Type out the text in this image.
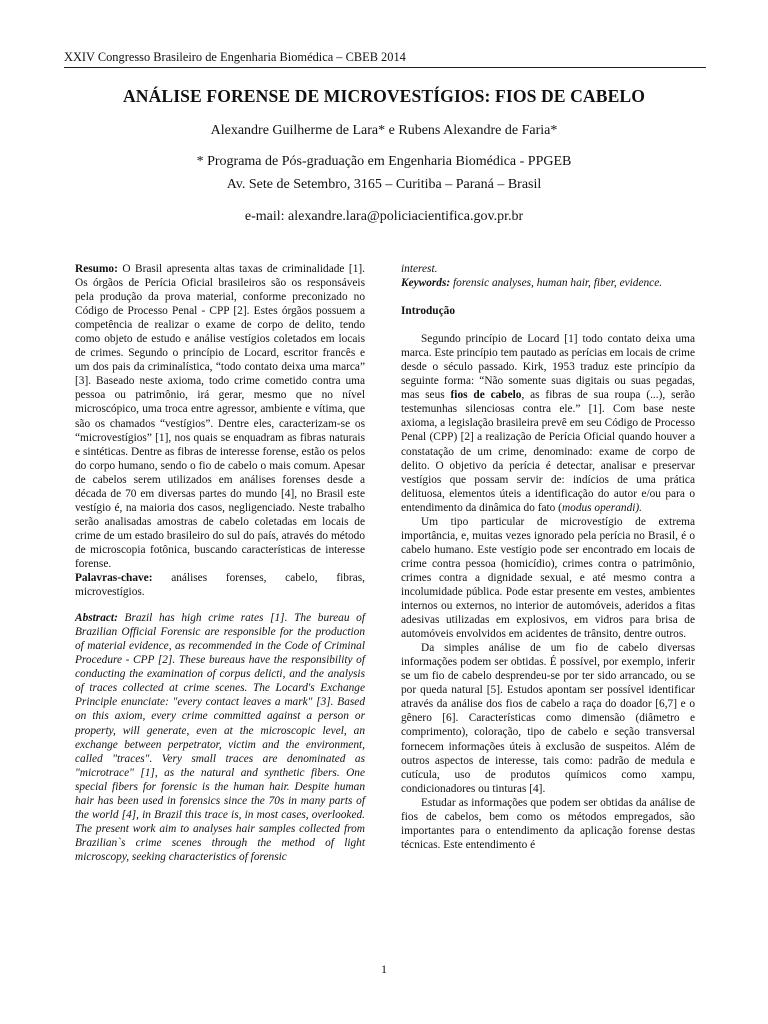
XXIV Congresso Brasileiro de Engenharia Biomédica – CBEB 2014
ANÁLISE FORENSE DE MICROVESTÍGIOS: FIOS DE CABELO
Alexandre Guilherme de Lara* e Rubens Alexandre de Faria*
* Programa de Pós-graduação em Engenharia Biomédica - PPGEB
Av. Sete de Setembro, 3165 – Curitiba – Paraná – Brasil
e-mail: alexandre.lara@policiacientifica.gov.pr.br

Resumo: O Brasil apresenta altas taxas de criminalidade [1]. Os órgãos de Perícia Oficial brasileiros são os responsáveis pela produção da prova material, conforme preconizado no Código de Processo Penal - CPP [2]. Estes órgãos possuem a competência de realizar o exame de corpo de delito, tendo como objeto de estudo e análise vestígios coletados em locais de crimes. Segundo o princípio de Locard, escritor francês e um dos pais da criminalística, “todo contato deixa uma marca” [3]. Baseado neste axioma, todo crime cometido contra uma pessoa ou patrimônio, irá gerar, mesmo que no nível microscópico, uma troca entre agressor, ambiente e vítima, que são os chamados “vestígios”. Dentre eles, caracterizam-se os “microvestígios” [1], nos quais se enquadram as fibras naturais e sintéticas. Dentre as fibras de interesse forense, estão os pelos do corpo humano, sendo o fio de cabelo o mais comum. Apesar de cabelos serem utilizados em análises forenses desde a década de 70 em diversas partes do mundo [4], no Brasil este vestígio é, na maioria dos casos, negligenciado. Neste trabalho serão analisadas amostras de cabelo coletadas em locais de crime de um estado brasileiro do sul do país, através do método de microscopia fotônica, buscando características de interesse forense.

Palavras-chave: análises forenses, cabelo, fibras, microvestígios.

Abstract: Brazil has high crime rates [1]. The bureau of Brazilian Official Forensic are responsible for the production of material evidence, as recommended in the Code of Criminal Procedure - CPP [2]. These bureaus have the responsibility of conducting the examination of corpus delicti, and the analysis of traces collected at crime scenes. The Locard's Exchange Principle enunciate: "every contact leaves a mark" [3]. Based on this axiom, every crime committed against a person or property, will generate, even at the microscopic level, an exchange between perpetrator, victim and the environment, called "traces". Very small traces are denominated as "microtrace" [1], as the natural and synthetic fibers. One special fibers for forensic is the human hair. Despite human hair has been used in forensics since the 70s in many parts of the world [4], in Brazil this trace is, in most cases, overlooked. The present work aim to analyses hair samples collected from Brazilian`s crime scenes through the method of light microscopy, seeking characteristics of forensic

interest.

Keywords: forensic analyses, human hair, fiber, evidence.

Introdução

Segundo princípio de Locard [1] todo contato deixa uma marca. Este princípio tem pautado as perícias em locais de crime desde o século passado. Kirk, 1953 traduz este princípio da seguinte forma: “Não somente suas digitais ou suas pegadas, mas seus fios de cabelo, as fibras de sua roupa (...), serão testemunhas silenciosas contra ele.” [1]. Com base neste axioma, a legislação brasileira prevê em seu Código de Processo Penal (CPP) [2] a realização de Perícia Oficial quando houver a constatação de um crime, denominado: exame de corpo de delito. O objetivo da perícia é detectar, analisar e preservar vestígios que possam servir de: indícios de uma prática delituosa, elementos úteis a identificação do autor e/ou para o entendimento da dinâmica do fato (modus operandi).

Um tipo particular de microvestígio de extrema importância, e, muitas vezes ignorado pela perícia no Brasil, é o cabelo humano. Este vestígio pode ser encontrado em locais de crime contra pessoa (homicídio), crimes contra o patrimônio, crimes contra a dignidade sexual, e até mesmo contra a incolumidade pública. Pode estar presente em vestes, ambientes internos ou externos, no interior de automóveis, aderidos a fitas adesivas utilizadas em explosivos, em vidros para brisa de automóveis envolvidos em acidentes de trânsito, dentre outros.

Da simples análise de um fio de cabelo diversas informações podem ser obtidas. É possível, por exemplo, inferir se um fio de cabelo desprendeu-se por ter sido arrancado, ou se por queda natural [5]. Estudos apontam ser possível identificar através da análise dos fios de cabelo a raça do doador [6,7] e o gênero [6]. Características como dimensão (diâmetro e comprimento), coloração, tipo de cabelo e seção transversal fornecem informações úteis à exclusão de suspeitos. Além de outros aspectos de interesse, tais como: padrão de medula e cutícula, uso de produtos químicos como xampu, condicionadores ou tinturas [4].

Estudar as informações que podem ser obtidas da análise de fios de cabelos, bem como os métodos empregados, são importantes para o entendimento da aplicação forense destas técnicas. Este entendimento é

1
